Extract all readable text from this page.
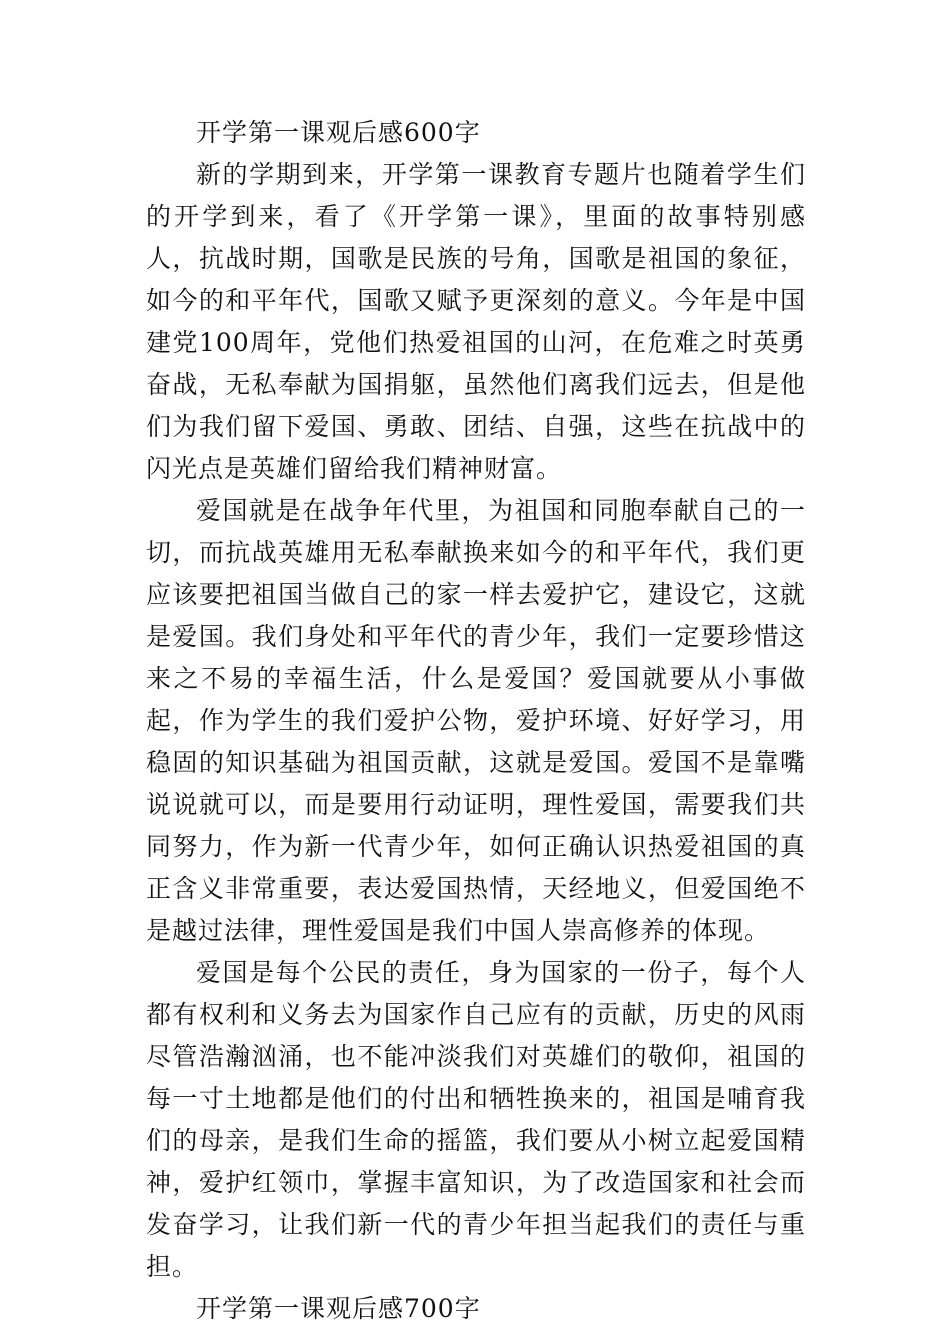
开学第一课观后感600字

新的学期到来，开学第一课教育专题片也随着学生们的开学到来，看了《开学第一课》，里面的故事特别感人，抗战时期，国歌是民族的号角，国歌是祖国的象征，如今的和平年代，国歌又赋予更深刻的意义。今年是中国建党100周年，党他们热爱祖国的山河，在危难之时英勇奋战，无私奉献为国捐躯，虽然他们离我们远去，但是他们为我们留下爱国、勇敢、团结、自强，这些在抗战中的闪光点是英雄们留给我们精神财富。

爱国就是在战争年代里，为祖国和同胞奉献自己的一切，而抗战英雄用无私奉献换来如今的和平年代，我们更应该要把祖国当做自己的家一样去爱护它，建设它，这就是爱国。我们身处和平年代的青少年，我们一定要珍惜这来之不易的幸福生活，什么是爱国？爱国就要从小事做起，作为学生的我们爱护公物，爱护环境、好好学习，用稳固的知识基础为祖国贡献，这就是爱国。爱国不是靠嘴说说就可以，而是要用行动证明，理性爱国，需要我们共同努力，作为新一代青少年，如何正确认识热爱祖国的真正含义非常重要，表达爱国热情，天经地义，但爱国绝不是越过法律，理性爱国是我们中国人崇高修养的体现。

爱国是每个公民的责任，身为国家的一份子，每个人都有权利和义务去为国家作自己应有的贡献，历史的风雨尽管浩瀚汹涌，也不能冲淡我们对英雄们的敬仰，祖国的每一寸土地都是他们的付出和牺牲换来的，祖国是哺育我们的母亲，是我们生命的摇篮，我们要从小树立起爱国精神，爱护红领巾，掌握丰富知识，为了改造国家和社会而发奋学习，让我们新一代的青少年担当起我们的责任与重担。

开学第一课观后感700字
